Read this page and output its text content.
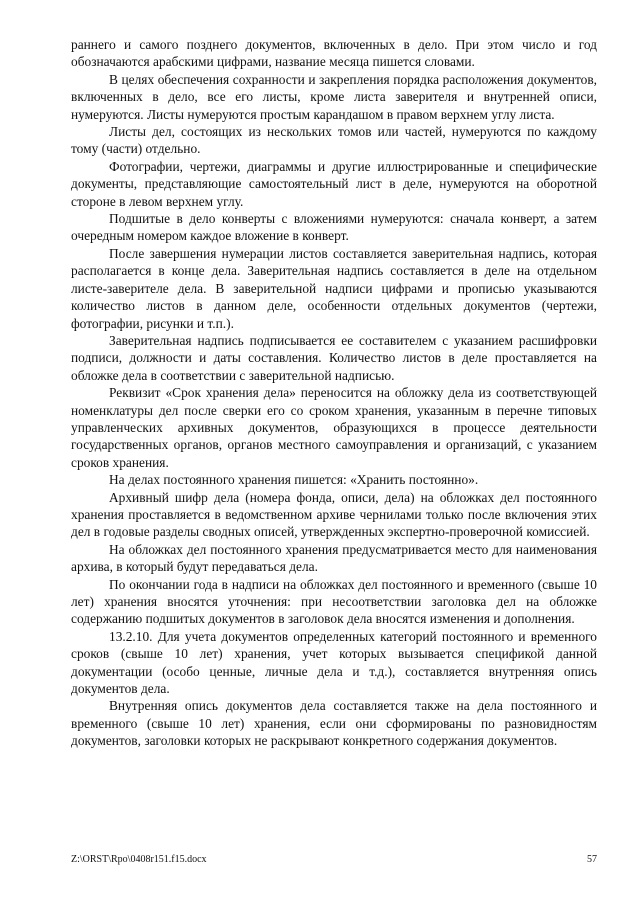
раннего и самого позднего документов, включенных в дело. При этом число и год обозначаются арабскими цифрами, название месяца пишется словами.

В целях обеспечения сохранности и закрепления порядка расположения документов, включенных в дело, все его листы, кроме листа заверителя и внутренней описи, нумеруются. Листы нумеруются простым карандашом в правом верхнем углу листа.

Листы дел, состоящих из нескольких томов или частей, нумеруются по каждому тому (части) отдельно.

Фотографии, чертежи, диаграммы и другие иллюстрированные и специфические документы, представляющие самостоятельный лист в деле, нумеруются на оборотной стороне в левом верхнем углу.

Подшитые в дело конверты с вложениями нумеруются: сначала конверт, а затем очередным номером каждое вложение в конверт.

После завершения нумерации листов составляется заверительная надпись, которая располагается в конце дела. Заверительная надпись составляется в деле на отдельном листе-заверителе дела. В заверительной надписи цифрами и прописью указываются количество листов в данном деле, особенности отдельных документов (чертежи, фотографии, рисунки и т.п.).

Заверительная надпись подписывается ее составителем с указанием расшифровки подписи, должности и даты составления. Количество листов в деле проставляется на обложке дела в соответствии с заверительной надписью.

Реквизит «Срок хранения дела» переносится на обложку дела из соответствующей номенклатуры дел после сверки его со сроком хранения, указанным в перечне типовых управленческих архивных документов, образующихся в процессе деятельности государственных органов, органов местного самоуправления и организаций, с указанием сроков хранения.

На делах постоянного хранения пишется: «Хранить постоянно».

Архивный шифр дела (номера фонда, описи, дела) на обложках дел постоянного хранения проставляется в ведомственном архиве чернилами только после включения этих дел в годовые разделы сводных описей, утвержденных экспертно-проверочной комиссией.

На обложках дел постоянного хранения предусматривается место для наименования архива, в который будут передаваться дела.

По окончании года в надписи на обложках дел постоянного и временного (свыше 10 лет) хранения вносятся уточнения: при несоответствии заголовка дел на обложке содержанию подшитых документов в заголовок дела вносятся изменения и дополнения.

13.2.10. Для учета документов определенных категорий постоянного и временного сроков (свыше 10 лет) хранения, учет которых вызывается спецификой данной документации (особо ценные, личные дела и т.д.), составляется внутренняя опись документов дела.

Внутренняя опись документов дела составляется также на дела постоянного и временного (свыше 10 лет) хранения, если они сформированы по разновидностям документов, заголовки которых не раскрывают конкретного содержания документов.

Z:\ORST\Rpo\0408r151.f15.docx	57
